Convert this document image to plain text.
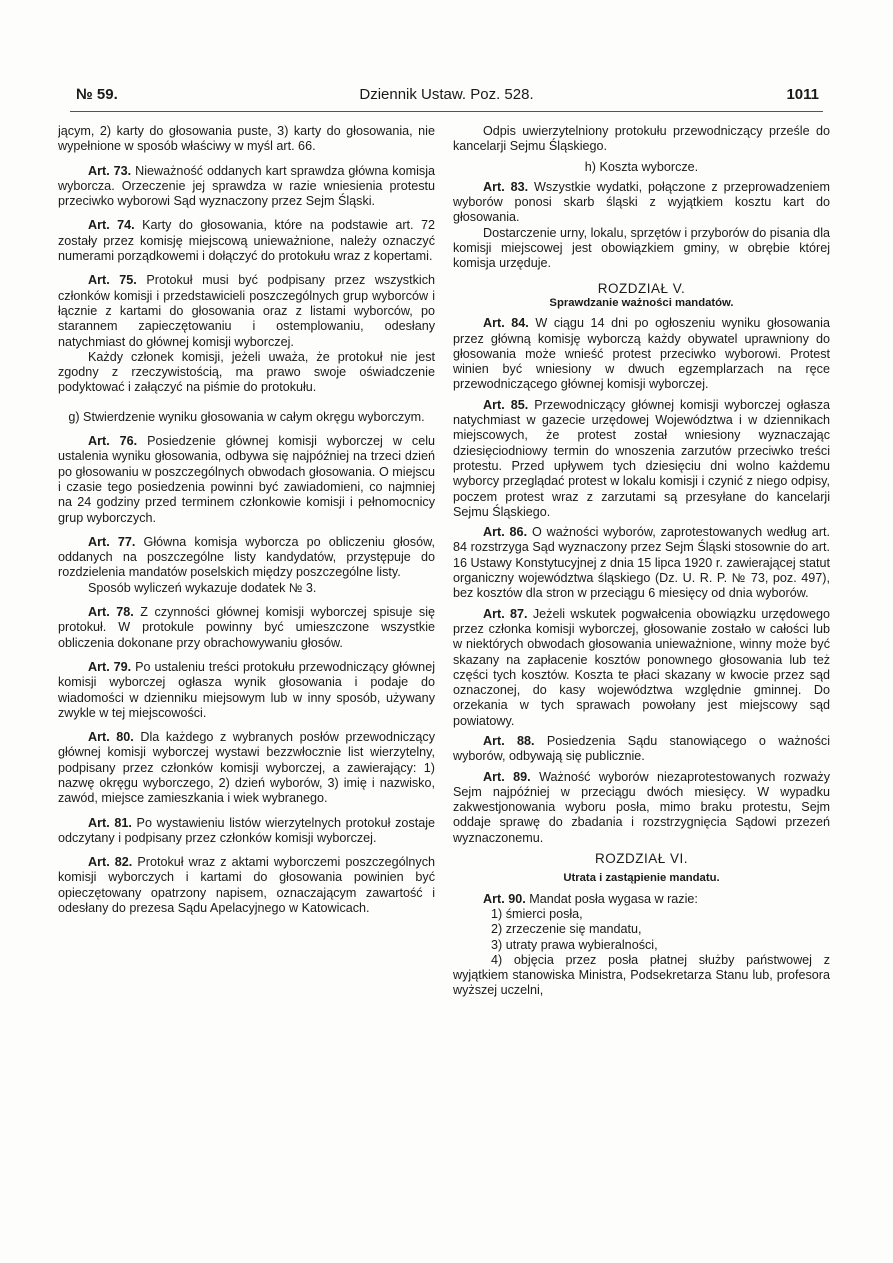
№ 59.	Dziennik Ustaw. Poz. 528.	1011

jącym, 2) karty do głosowania puste, 3) karty do głosowania, nie wypełnione w sposób właściwy w myśl art. 66.

Art. 73. Nieważność oddanych kart sprawdza główna komisja wyborcza. Orzeczenie jej sprawdza w razie wniesienia protestu przeciwko wyborowi Sąd wyznaczony przez Sejm Śląski.

Art. 74. Karty do głosowania, które na podstawie art. 72 zostały przez komisję miejscową unieważnione, należy oznaczyć numerami porządkowemi i dołączyć do protokułu wraz z kopertami.

Art. 75. Protokuł musi być podpisany przez wszystkich członków komisji i przedstawicieli poszczególnych grup wyborców i łącznie z kartami do głosowania oraz z listami wyborców, po starannem zapieczętowaniu i ostemplowaniu, odesłany natychmiast do głównej komisji wyborczej.

Każdy członek komisji, jeżeli uważa, że protokuł nie jest zgodny z rzeczywistością, ma prawo swoje oświadczenie podyktować i załączyć na piśmie do protokułu.

g) Stwierdzenie wyniku głosowania w całym okręgu wyborczym.

Art. 76. Posiedzenie głównej komisji wyborczej w celu ustalenia wyniku głosowania, odbywa się najpóźniej na trzeci dzień po głosowaniu w poszczególnych obwodach głosowania. O miejscu i czasie tego posiedzenia powinni być zawiadomieni, co najmniej na 24 godziny przed terminem członkowie komisji i pełnomocnicy grup wyborczych.

Art. 77. Główna komisja wyborcza po obliczeniu głosów, oddanych na poszczególne listy kandydatów, przystępuje do rozdzielenia mandatów poselskich między poszczególne listy.

Sposób wyliczeń wykazuje dodatek № 3.

Art. 78. Z czynności głównej komisji wyborczej spisuje się protokuł. W protokule powinny być umieszczone wszystkie obliczenia dokonane przy obrachowywaniu głosów.

Art. 79. Po ustaleniu treści protokułu przewodniczący głównej komisji wyborczej ogłasza wynik głosowania i podaje do wiadomości w dzienniku miejsowym lub w inny sposób, używany zwykle w tej miejscowości.

Art. 80. Dla każdego z wybranych posłów przewodniczący głównej komisji wyborczej wystawi bezzwłocznie list wierzytelny, podpisany przez członków komisji wyborczej, a zawierający: 1) nazwę okręgu wyborczego, 2) dzień wyborów, 3) imię i nazwisko, zawód, miejsce zamieszkania i wiek wybranego.

Art. 81. Po wystawieniu listów wierzytelnych protokuł zostaje odczytany i podpisany przez członków komisji wyborczej.

Art. 82. Protokuł wraz z aktami wyborczemi poszczególnych komisji wyborczych i kartami do głosowania powinien być opieczętowany opatrzony napisem, oznaczającym zawartość i odesłany do prezesa Sądu Apelacyjnego w Katowicach.

Odpis uwierzytelniony protokułu przewodniczący prześle do kancelarji Sejmu Śląskiego.

h) Koszta wyborcze.

Art. 83. Wszystkie wydatki, połączone z przeprowadzeniem wyborów ponosi skarb śląski z wyjątkiem kosztu kart do głosowania.

Dostarczenie urny, lokalu, sprzętów i przyborów do pisania dla komisji miejscowej jest obowiązkiem gminy, w obrębie której komisja urzęduje.

ROZDZIAŁ V.

Sprawdzanie ważności mandatów.

Art. 84. W ciągu 14 dni po ogłoszeniu wyniku głosowania przez główną komisję wyborczą każdy obywatel uprawniony do głosowania może wnieść protest przeciwko wyborowi. Protest winien być wniesiony w dwuch egzemplarzach na ręce przewodniczącego głównej komisji wyborczej.

Art. 85. Przewodniczący głównej komisji wyborczej ogłasza natychmiast w gazecie urzędowej Województwa i w dziennikach miejscowych, że protest został wniesiony wyznaczając dziesięciodniowy termin do wnoszenia zarzutów przeciwko treści protestu. Przed upływem tych dziesięciu dni wolno każdemu wyborcy przeglądać protest w lokalu komisji i czynić z niego odpisy, poczem protest wraz z zarzutami są przesyłane do kancelarji Sejmu Śląskiego.

Art. 86. O ważności wyborów, zaprotestowanych według art. 84 rozstrzyga Sąd wyznaczony przez Sejm Śląski stosownie do art. 16 Ustawy Konstytucyjnej z dnia 15 lipca 1920 r. zawierającej statut organiczny województwa śląskiego (Dz. U. R. P. № 73, poz. 497), bez kosztów dla stron w przeciągu 6 miesięcy od dnia wyborów.

Art. 87. Jeżeli wskutek pogwałcenia obowiązku urzędowego przez członka komisji wyborczej, głosowanie zostało w całości lub w niektórych obwodach głosowania unieważnione, winny może być skazany na zapłacenie kosztów ponownego głosowania lub też części tych kosztów. Koszta te płaci skazany w kwocie przez sąd oznaczonej, do kasy województwa względnie gminnej. Do orzekania w tych sprawach powołany jest miejscowy sąd powiatowy.

Art. 88. Posiedzenia Sądu stanowiącego o ważności wyborów, odbywają się publicznie.

Art. 89. Ważność wyborów niezaprotestowanych rozważy Sejm najpóźniej w przeciągu dwóch miesięcy. W wypadku zakwestjonowania wyboru posła, mimo braku protestu, Sejm oddaje sprawę do zbadania i rozstrzygnięcia Sądowi przezeń wyznaczonemu.

ROZDZIAŁ VI.

Utrata i zastąpienie mandatu.

Art. 90. Mandat posła wygasa w razie:

1) śmierci posła,

2) zrzeczenie się mandatu,

3) utraty prawa wybieralności,

4) objęcia przez posła płatnej służby państwowej z wyjątkiem stanowiska Ministra, Podsekretarza Stanu lub, profesora wyższej uczelni,
